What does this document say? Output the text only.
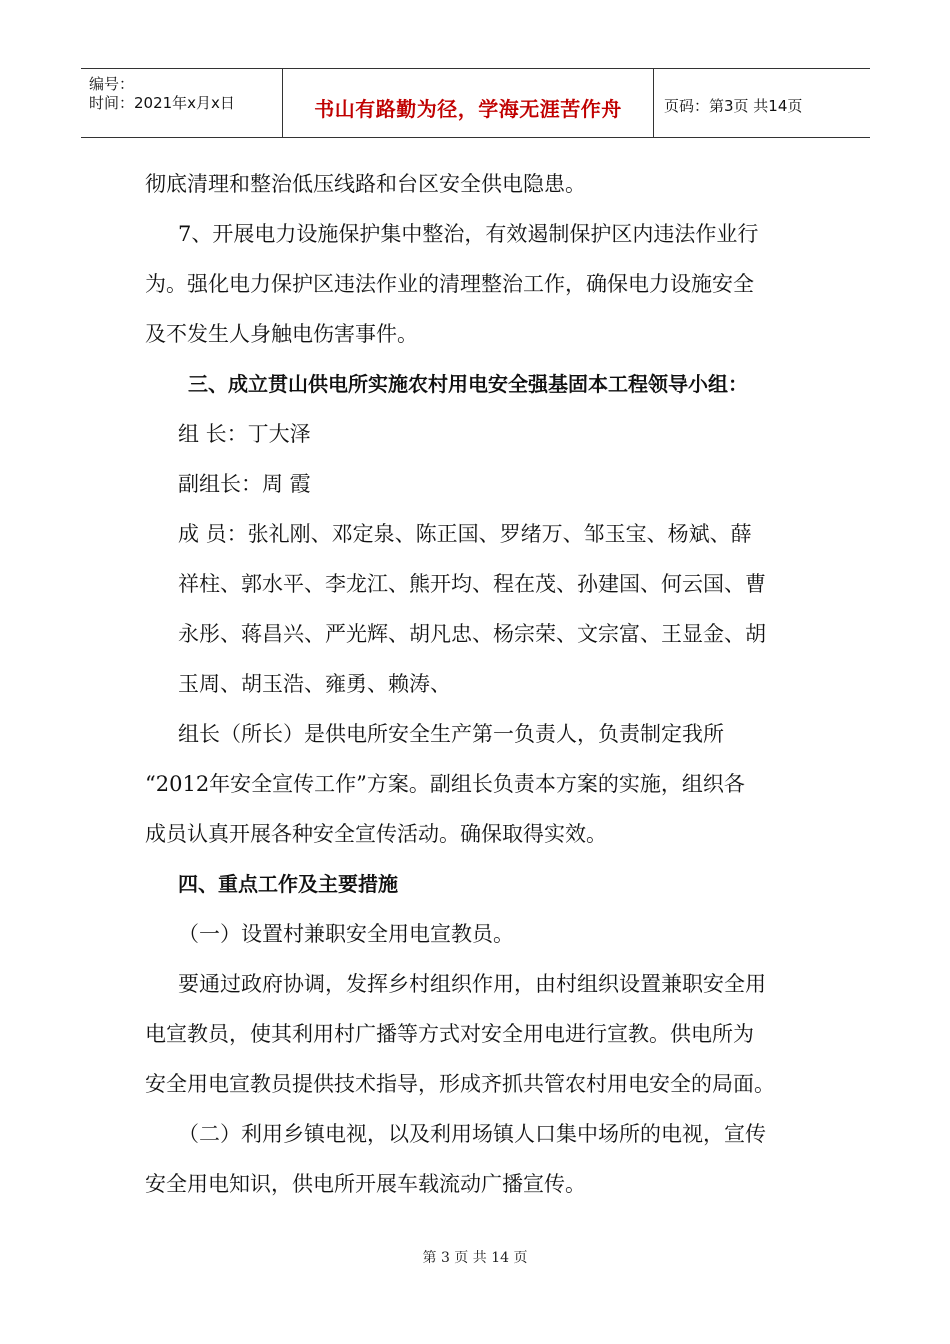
编号：
时间：2021年x月x日	书山有路勤为径，学海无涯苦作舟	页码：第3页 共14页
彻底清理和整治低压线路和台区安全供电隐患。
7、开展电力设施保护集中整治，有效遏制保护区内违法作业行
为。强化电力保护区违法作业的清理整治工作，确保电力设施安全
及不发生人身触电伤害事件。
三、成立贯山供电所实施农村用电安全强基固本工程领导小组：
组 长：丁大泽
副组长：周 霞
成 员：张礼刚、邓定泉、陈正国、罗绪万、邹玉宝、杨斌、薛
祥柱、郭水平、李龙江、熊开均、程在茂、孙建国、何云国、曹
永彤、蒋昌兴、严光辉、胡凡忠、杨宗荣、文宗富、王显金、胡
玉周、胡玉浩、雍勇、赖涛、
组长（所长）是供电所安全生产第一负责人，负责制定我所
“2012年安全宣传工作”方案。副组长负责本方案的实施，组织各
成员认真开展各种安全宣传活动。确保取得实效。
四、重点工作及主要措施
（一）设置村兼职安全用电宣教员。
要通过政府协调，发挥乡村组织作用，由村组织设置兼职安全用
电宣教员，使其利用村广播等方式对安全用电进行宣教。供电所为
安全用电宣教员提供技术指导，形成齐抓共管农村用电安全的局面。
（二）利用乡镇电视，以及利用场镇人口集中场所的电视，宣传
安全用电知识，供电所开展车载流动广播宣传。
第 3 页 共 14 页
